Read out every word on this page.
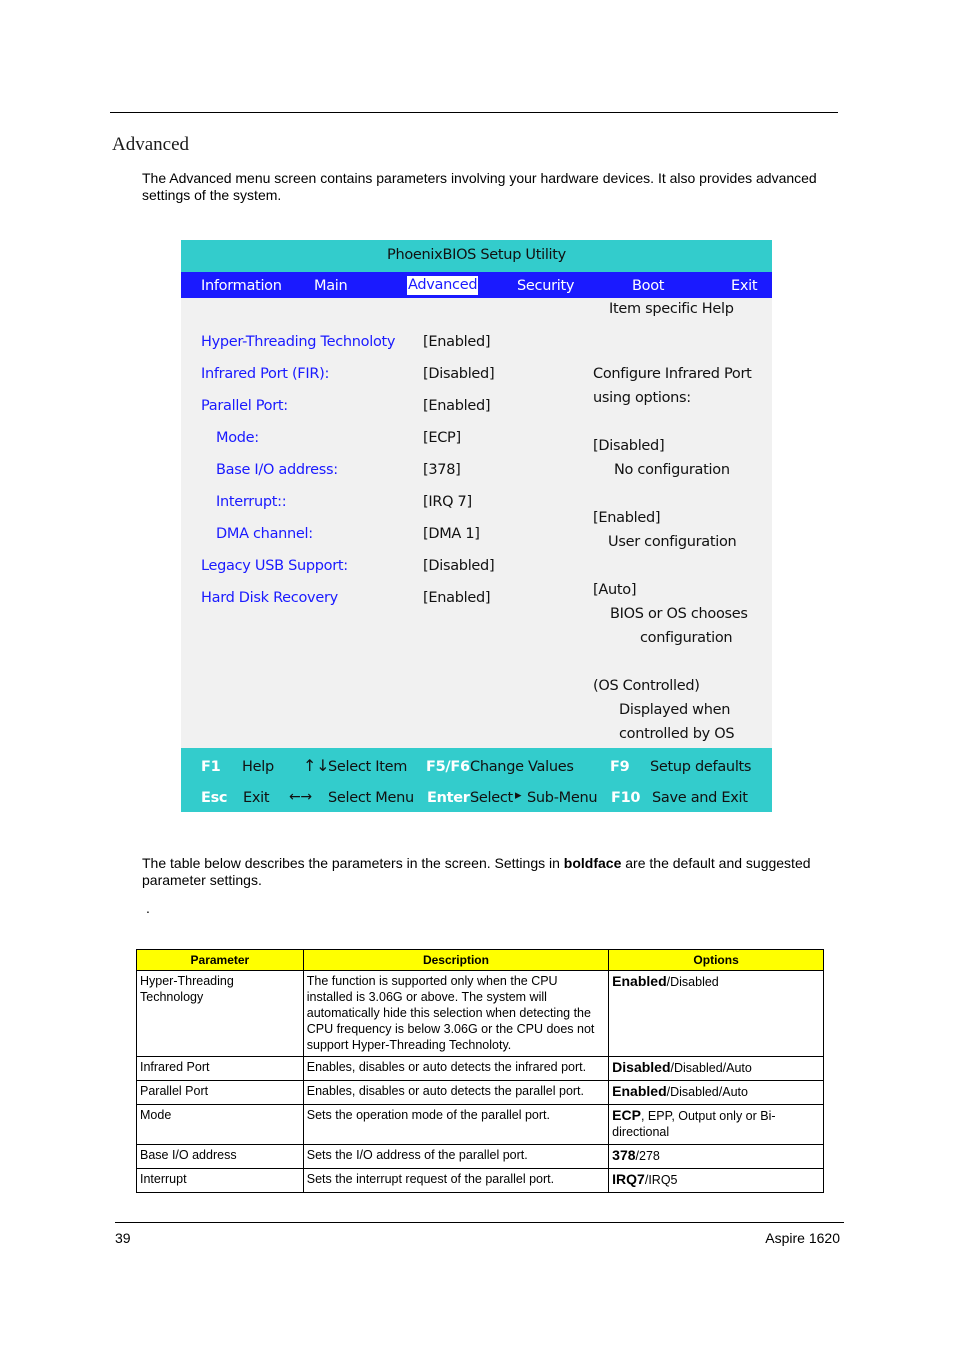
Advanced
The Advanced menu screen contains parameters involving your hardware devices. It also provides advanced settings of the system.
PhoenixBIOS Setup Utility
Information Main	Advanced	Security	Boot	Exit
Item specific Help
Hyper-Threading Technoloty [Enabled]
Infrared Port (FIR):	[Disabled]
Parallel Port:	[Enabled]
Mode:	[ECP]
Base I/O address:	[378]
Interrupt::	[IRQ 7]
DMA channel:	[DMA 1]
Legacy USB Support:	[Disabled]
Hard Disk Recovery	[Enabled]
Configure Infrared Port
using options:
[Disabled]
No configuration
[Enabled]
User configuration
[Auto]
BIOS or OS chooses
configuration
(OS Controlled)
Displayed when
controlled by OS
F1 Help ↑↓
Select Item F5/F6 Change Values	F9 Setup defaults
Esc Exit ←→ Select Menu Enter Select ▸ Sub-Menu F10 Save and Exit
The table below describes the parameters in the screen. Settings in boldface are the default and suggested parameter settings.
.
Parameter	Description	Options
Hyper-Threading Technology	The function is supported only when the CPU installed is 3.06G or above. The system will automatically hide this selection when detecting the CPU frequency is below 3.06G or the CPU does not support Hyper-Threading Technoloty.	Enabled/Disabled
Infrared Port	Enables, disables or auto detects the infrared port.	Disabled/Disabled/Auto
Parallel Port	Enables, disables or auto detects the parallel port.	Enabled/Disabled/Auto
Mode	Sets the operation mode of the parallel port.	ECP, EPP, Output only or Bi-directional
Base I/O address	Sets the I/O address of the parallel port.	378/278
Interrupt	Sets the interrupt request of the parallel port.	IRQ7/IRQ5
39	Aspire 1620
